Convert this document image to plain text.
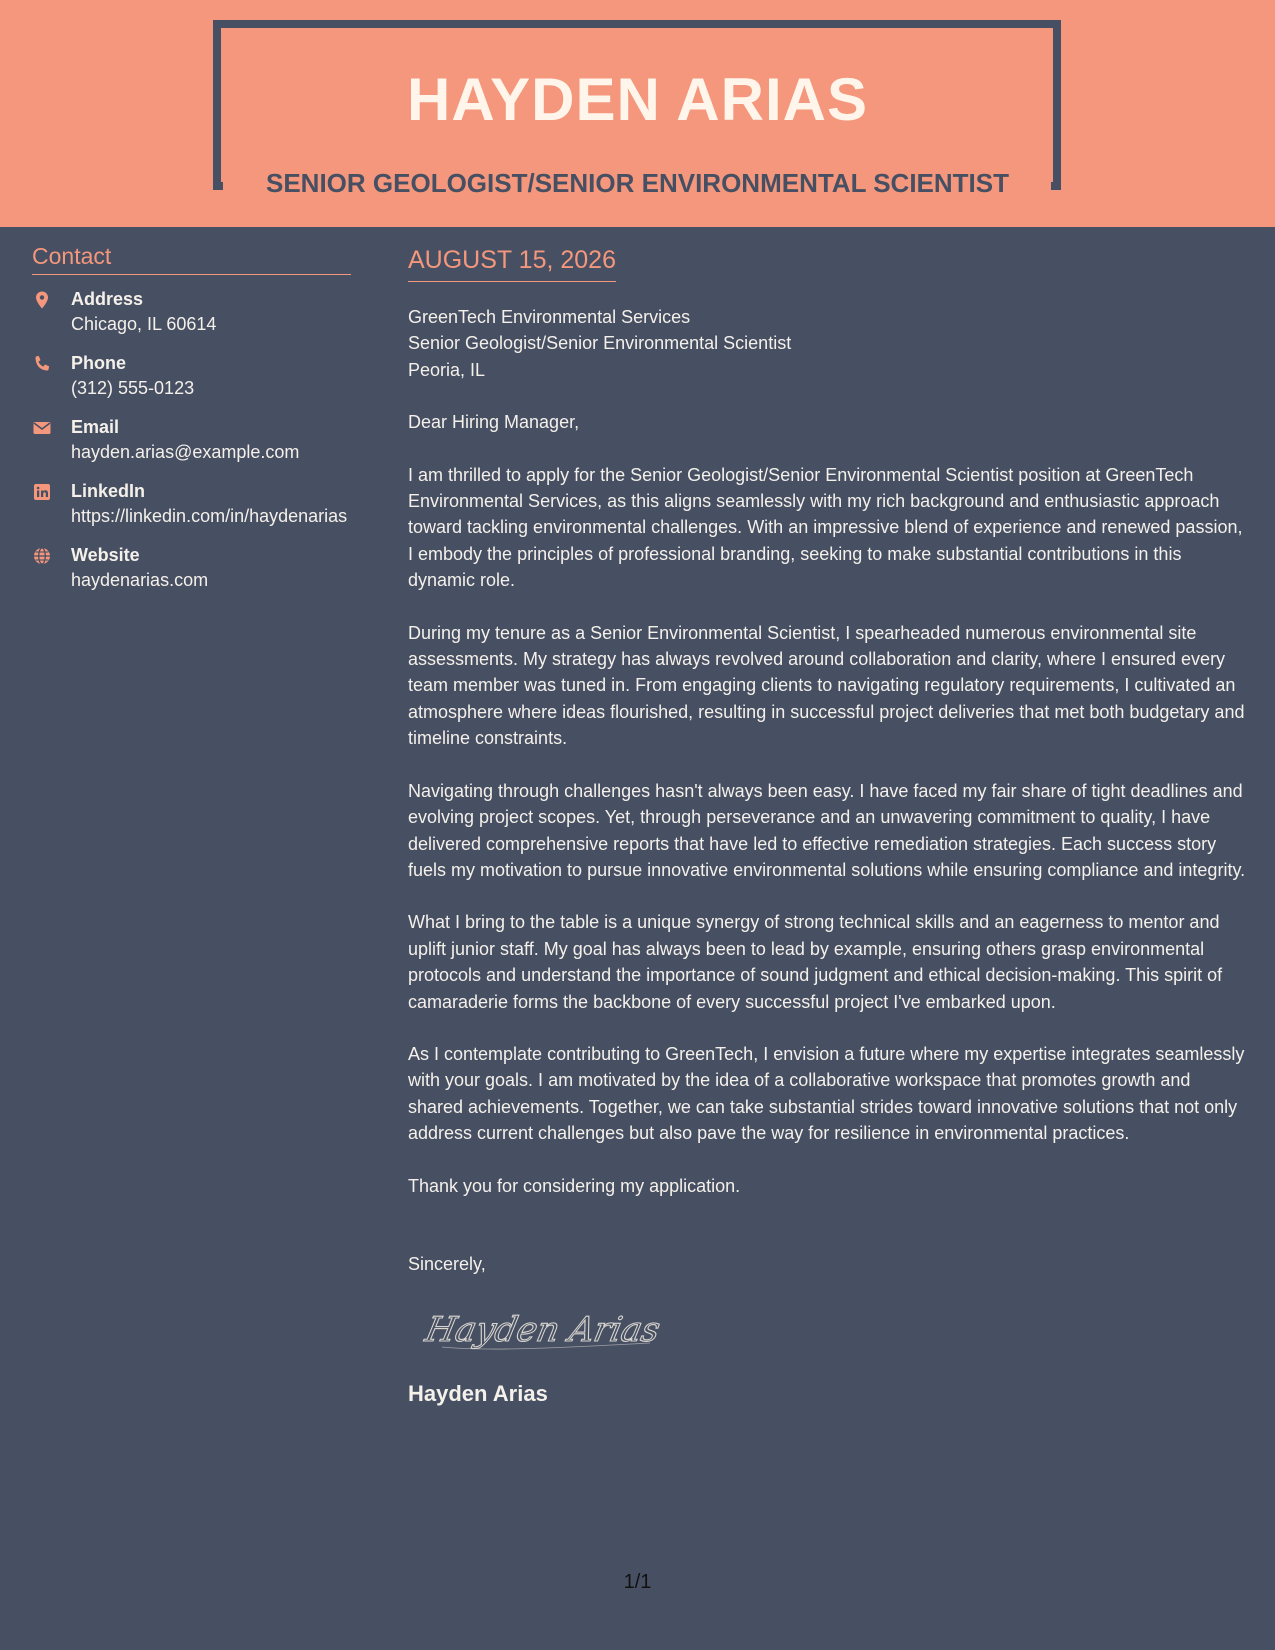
HAYDEN ARIAS
SENIOR GEOLOGIST/SENIOR ENVIRONMENTAL SCIENTIST
Contact
Address
Chicago, IL 60614
Phone
(312) 555-0123
Email
hayden.arias@example.com
LinkedIn
https://linkedin.com/in/haydenarias
Website
haydenarias.com
AUGUST 15, 2026
GreenTech Environmental Services
Senior Geologist/Senior Environmental Scientist
Peoria, IL
Dear Hiring Manager,

I am thrilled to apply for the Senior Geologist/Senior Environmental Scientist position at GreenTech Environmental Services, as this aligns seamlessly with my rich background and enthusiastic approach toward tackling environmental challenges. With an impressive blend of experience and renewed passion, I embody the principles of professional branding, seeking to make substantial contributions in this dynamic role.

During my tenure as a Senior Environmental Scientist, I spearheaded numerous environmental site assessments. My strategy has always revolved around collaboration and clarity, where I ensured every team member was tuned in. From engaging clients to navigating regulatory requirements, I cultivated an atmosphere where ideas flourished, resulting in successful project deliveries that met both budgetary and timeline constraints.

Navigating through challenges hasn't always been easy. I have faced my fair share of tight deadlines and evolving project scopes. Yet, through perseverance and an unwavering commitment to quality, I have delivered comprehensive reports that have led to effective remediation strategies. Each success story fuels my motivation to pursue innovative environmental solutions while ensuring compliance and integrity.

What I bring to the table is a unique synergy of strong technical skills and an eagerness to mentor and uplift junior staff. My goal has always been to lead by example, ensuring others grasp environmental protocols and understand the importance of sound judgment and ethical decision-making. This spirit of camaraderie forms the backbone of every successful project I've embarked upon.

As I contemplate contributing to GreenTech, I envision a future where my expertise integrates seamlessly with your goals. I am motivated by the idea of a collaborative workspace that promotes growth and shared achievements. Together, we can take substantial strides toward innovative solutions that not only address current challenges but also pave the way for resilience in environmental practices.

Thank you for considering my application.

Sincerely,
Hayden Arias
Hayden Arias
1/1
